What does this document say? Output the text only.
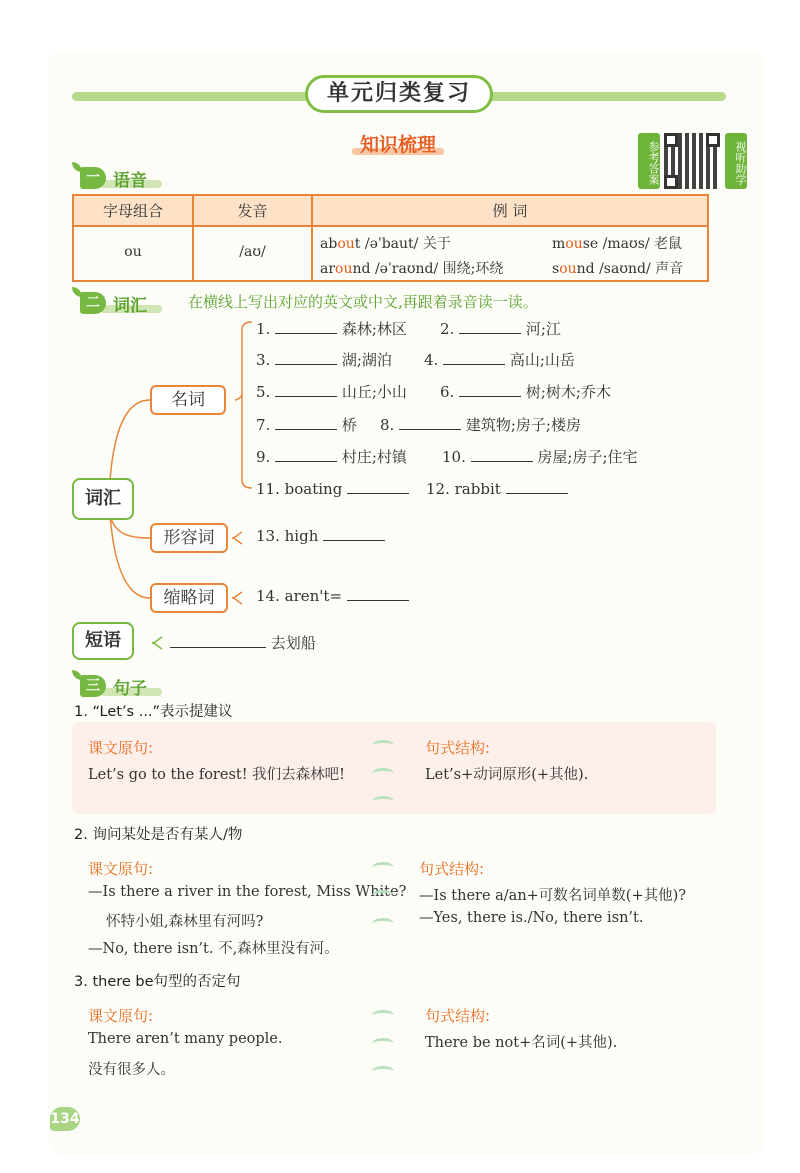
单元归类复习
知识梳理	参考答案	视听助学
一 语音
字母组合	发音	例 词
ou	/aʊ/	about /əˈbaut/ 关于	mouse /maʊs/ 老鼠
around /əˈraʊnd/ 围绕;环绕	sound /saʊnd/ 声音
二 词汇	在横线上写出对应的英文或中文,再跟着录音读一读。
名词
词汇
形容词
缩略词
短语
1.	森林;林区 2.	河;江
3.	湖;湖泊 4.	高山;山岳
5.	山丘;小山 6.	树;树木;乔木
7.	桥 8.	建筑物;房子;楼房
9.	村庄;村镇 10.	房屋;房子;住宅
11. boating	12. rabbit
13. high
14. aren't=
去划船
三 句子
1. “Let’s ...”表示提建议
课文原句:
Let’s go to the forest! 我们去森林吧!
句式结构:
Let’s+动词原形(+其他).
2. 询问某处是否有某人/物
课文原句:
—Is there a river in the forest, Miss White?
怀特小姐,森林里有河吗?
—No, there isn’t. 不,森林里没有河。
句式结构:
—Is there a/an+可数名词单数(+其他)?
—Yes, there is./No, there isn’t.
3. there be句型的否定句
课文原句:
There aren’t many people.
没有很多人。
句式结构:
There be not+名词(+其他).
134
